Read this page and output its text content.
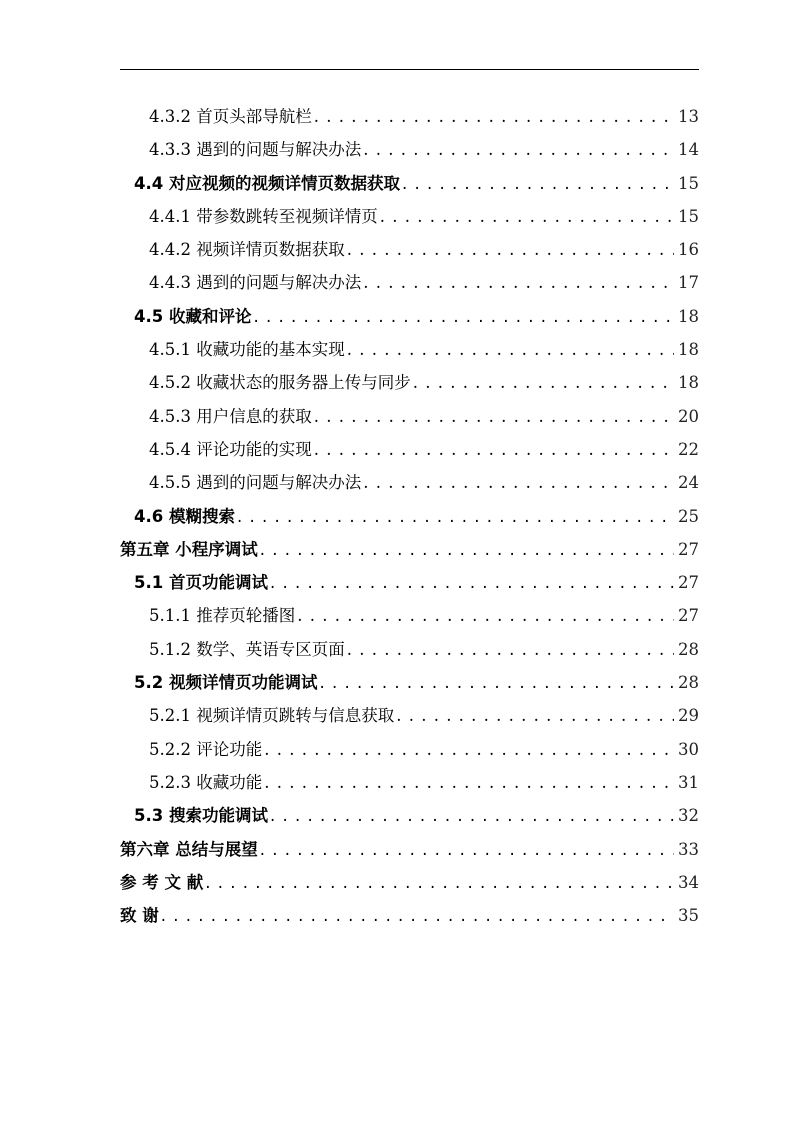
4.3.2 首页头部导航栏 . . .	13
4.3.3 遇到的问题与解决办法 . . .	14
4.4 对应视频的视频详情页数据获取 . . .	15
4.4.1 带参数跳转至视频详情页 . . .	15
4.4.2 视频详情页数据获取 . . .	16
4.4.3 遇到的问题与解决办法 . . .	17
4.5 收藏和评论 . . .	18
4.5.1 收藏功能的基本实现 . . .	18
4.5.2 收藏状态的服务器上传与同步 . . .	18
4.5.3 用户信息的获取 . . .	20
4.5.4 评论功能的实现 . . .	22
4.5.5 遇到的问题与解决办法 . . .	24
4.6 模糊搜索 . . .	25
第五章 小程序调试 . . .	27
5.1 首页功能调试 . . .	27
5.1.1 推荐页轮播图 . . .	27
5.1.2 数学、英语专区页面 . . .	28
5.2 视频详情页功能调试 . . .	28
5.2.1 视频详情页跳转与信息获取 . . .	29
5.2.2 评论功能 . . .	30
5.2.3 收藏功能 . . .	31
5.3 搜索功能调试 . . .	32
第六章 总结与展望 . . .	33
参 考 文 献 . . .	34
致 谢 . . .	35
